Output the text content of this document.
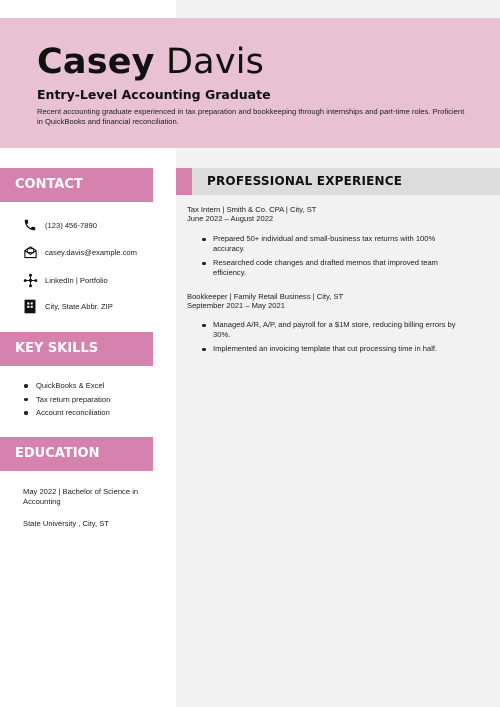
Casey Davis
Entry-Level Accounting Graduate
Recent accounting graduate experienced in tax preparation and bookkeeping through internships and part-time roles. Proficient in QuickBooks and financial reconciliation.
CONTACT
(123) 456-7890
casey.davis@example.com
LinkedIn | Portfolio
City, State Abbr. ZIP
KEY SKILLS
QuickBooks & Excel
Tax return preparation
Account reconciliation
EDUCATION
May 2022 | Bachelor of Science in Accounting
State University , City, ST
PROFESSIONAL EXPERIENCE
Tax Intern | Smith & Co. CPA | City, ST
June 2022 – August 2022
Prepared 50+ individual and small-business tax returns with 100% accuracy.
Researched code changes and drafted memos that improved team efficiency.
Bookkeeper | Family Retail Business | City, ST
September 2021 – May 2021
Managed A/R, A/P, and payroll for a $1M store, reducing billing errors by 30%.
Implemented an invoicing template that cut processing time in half.
